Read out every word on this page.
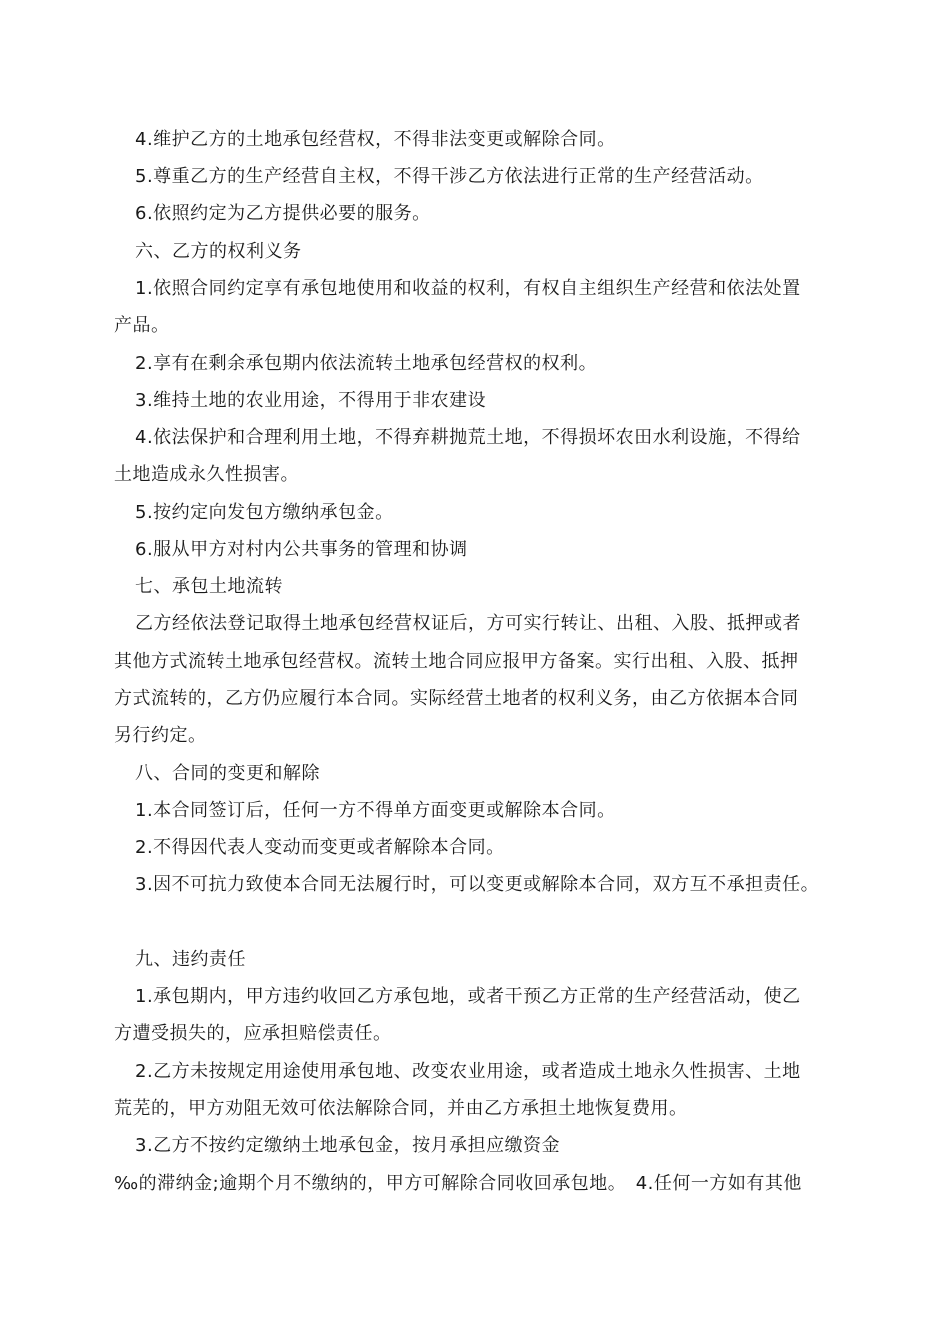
4.维护乙方的土地承包经营权，不得非法变更或解除合同。
5.尊重乙方的生产经营自主权，不得干涉乙方依法进行正常的生产经营活动。
6.依照约定为乙方提供必要的服务。
六、乙方的权利义务
1.依照合同约定享有承包地使用和收益的权利，有权自主组织生产经营和依法处置
产品。
2.享有在剩余承包期内依法流转土地承包经营权的权利。
3.维持土地的农业用途，不得用于非农建设
4.依法保护和合理利用土地，不得弃耕抛荒土地，不得损坏农田水利设施，不得给
土地造成永久性损害。
5.按约定向发包方缴纳承包金。
6.服从甲方对村内公共事务的管理和协调
七、承包土地流转
乙方经依法登记取得土地承包经营权证后，方可实行转让、出租、入股、抵押或者
其他方式流转土地承包经营权。流转土地合同应报甲方备案。实行出租、入股、抵押
方式流转的，乙方仍应履行本合同。实际经营土地者的权利义务，由乙方依据本合同
另行约定。
八、合同的变更和解除
1.本合同签订后，任何一方不得单方面变更或解除本合同。
2.不得因代表人变动而变更或者解除本合同。
3.因不可抗力致使本合同无法履行时，可以变更或解除本合同，双方互不承担责任。
九、违约责任
1.承包期内，甲方违约收回乙方承包地，或者干预乙方正常的生产经营活动，使乙
方遭受损失的，应承担赔偿责任。
2.乙方未按规定用途使用承包地、改变农业用途，或者造成土地永久性损害、土地
荒芜的，甲方劝阻无效可依法解除合同，并由乙方承担土地恢复费用。
3.乙方不按约定缴纳土地承包金，按月承担应缴资金
‰的滞纳金;逾期个月不缴纳的，甲方可解除合同收回承包地。　4.任何一方如有其他
